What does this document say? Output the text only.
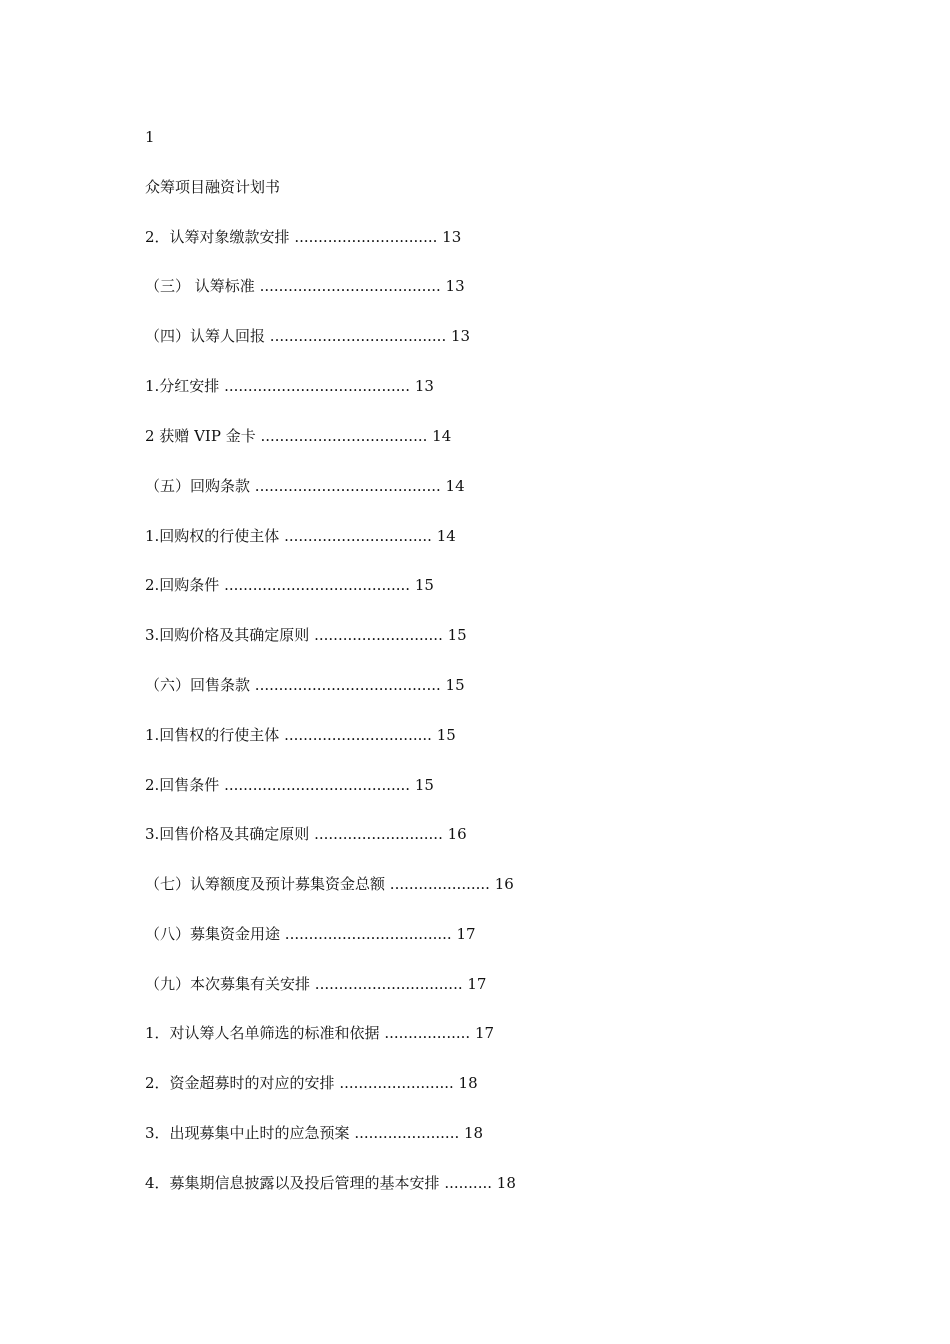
1
众筹项目融资计划书
2．认筹对象缴款安排 .............................. 13
（三） 认筹标准 ...................................... 13
（四）认筹人回报 ..................................... 13
1.分红安排 ....................................... 13
2 获赠 VIP 金卡 ................................... 14
（五）回购条款 ....................................... 14
1.回购权的行使主体 ............................... 14
2.回购条件 ....................................... 15
3.回购价格及其确定原则 ........................... 15
（六）回售条款 ....................................... 15
1.回售权的行使主体 ............................... 15
2.回售条件 ....................................... 15
3.回售价格及其确定原则 ........................... 16
（七）认筹额度及预计募集资金总额 ..................... 16
（八）募集资金用途 ................................... 17
（九）本次募集有关安排 ............................... 17
1．对认筹人名单筛选的标准和依据 .................. 17
2．资金超募时的对应的安排 ........................ 18
3．出现募集中止时的应急预案 ...................... 18
4．募集期信息披露以及投后管理的基本安排 .......... 18
